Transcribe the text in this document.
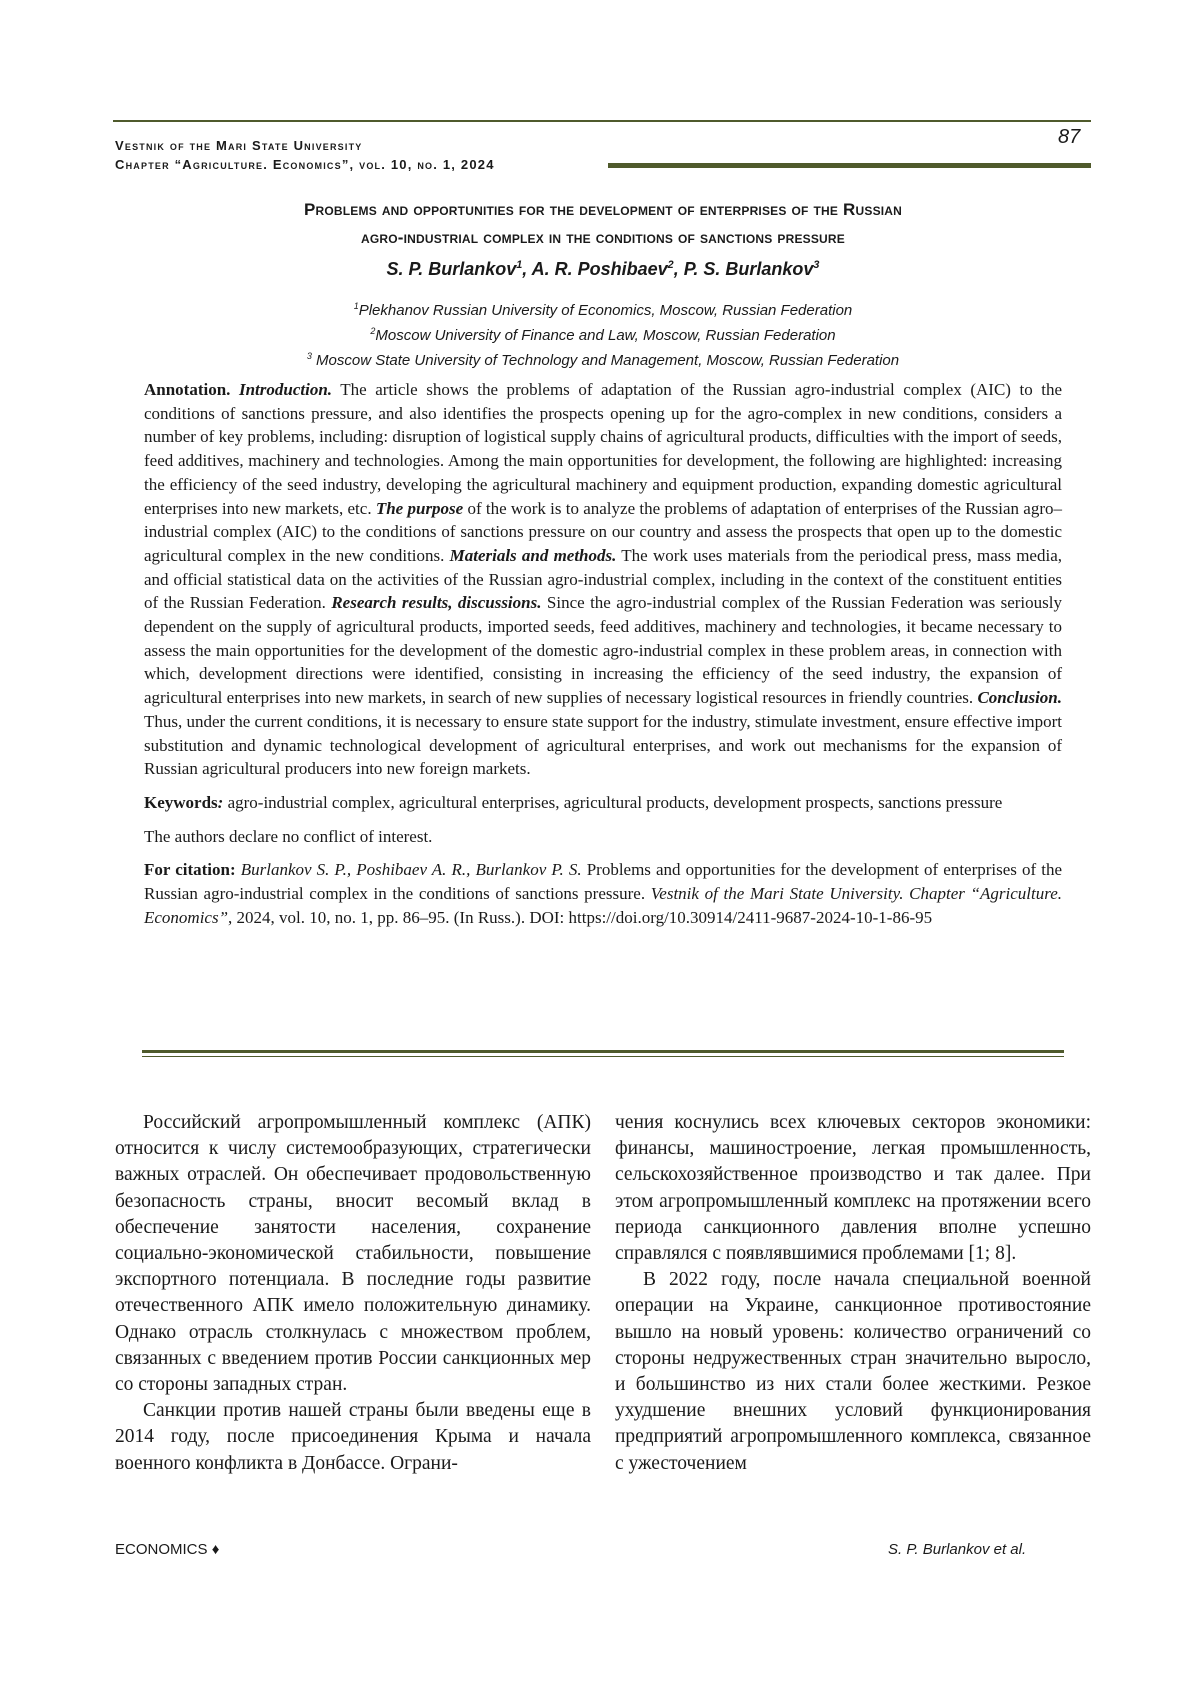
Vestnik of the Mari State University
Chapter “Agriculture. Economics”, vol. 10, no. 1, 2024
87
Problems and opportunities for the development of enterprises of the Russian
agro-industrial complex in the conditions of sanctions pressure
S. P. Burlankov$^1$, A. R. Poshibaev$^2$, P. S. Burlankov$^3$
$^1$Plekhanov Russian University of Economics, Moscow, Russian Federation
$^2$Moscow University of Finance and Law, Moscow, Russian Federation
$^3$ Moscow State University of Technology and Management, Moscow, Russian Federation

Annotation. Introduction. The article shows the problems of adaptation of the Russian agro-industrial complex (AIC) to the conditions of sanctions pressure, and also identifies the prospects opening up for the agro-complex in new conditions, considers a number of key problems, including: disruption of logistical supply chains of agricultural products, difficulties with the import of seeds, feed additives, machinery and technologies. Among the main opportunities for development, the following are highlighted: increasing the efficiency of the seed industry, developing the agricultural machinery and equipment production, expanding domestic agricultural enterprises into new markets, etc. The purpose of the work is to analyze the problems of adaptation of enterprises of the Russian agro–industrial complex (AIC) to the conditions of sanctions pressure on our country and assess the prospects that open up to the domestic agricultural complex in the new conditions. Materials and methods. The work uses materials from the periodical press, mass media, and official statistical data on the activities of the Russian agro-industrial complex, including in the context of the constituent entities of the Russian Federation. Research results, discussions. Since the agro-industrial complex of the Russian Federation was seriously dependent on the supply of agricultural products, imported seeds, feed additives, machinery and technologies, it became necessary to assess the main opportunities for the development of the domestic agro-industrial complex in these problem areas, in connection with which, development directions were identified, consisting in increasing the efficiency of the seed industry, the expansion of agricultural enterprises into new markets, in search of new supplies of necessary logistical resources in friendly countries. Conclusion. Thus, under the current conditions, it is necessary to ensure state support for the industry, stimulate investment, ensure effective import substitution and dynamic technological development of agricultural enterprises, and work out mechanisms for the expansion of Russian agricultural producers into new foreign markets.

Keywords: agro-industrial complex, agricultural enterprises, agricultural products, development prospects, sanctions pressure

The authors declare no conflict of interest.

For citation: Burlankov S. P., Poshibaev A. R., Burlankov P. S. Problems and opportunities for the development of enterprises of the Russian agro-industrial complex in the conditions of sanctions pressure. Vestnik of the Mari State University. Chapter “Agriculture. Economics”, 2024, vol. 10, no. 1, pp. 86–95. (In Russ.). DOI: https://doi.org/10.30914/2411-9687-2024-10-1-86-95

Российский агропромышленный комплекс (АПК) относится к числу системообразующих, стратегически важных отраслей. Он обеспечивает продовольственную безопасность страны, вносит весомый вклад в обеспечение занятости населения, сохранение социально-экономической стабильности, повышение экспортного потенциала. В последние годы развитие отечественного АПК имело положительную динамику. Однако отрасль столкнулась с множеством проблем, связанных с введением против России санкционных мер со стороны западных стран.

Санкции против нашей страны были введены еще в 2014 году, после присоединения Крыма и начала военного конфликта в Донбассе. Ограни-

чения коснулись всех ключевых секторов экономики: финансы, машиностроение, легкая промышленность, сельскохозяйственное производство и так далее. При этом агропромышленный комплекс на протяжении всего периода санкционного давления вполне успешно справлялся с появлявшимися проблемами [1; 8].

В 2022 году, после начала специальной военной операции на Украине, санкционное противостояние вышло на новый уровень: количество ограничений со стороны недружественных стран значительно выросло, и большинство из них стали более жесткими. Резкое ухудшение внешних условий функционирования предприятий агропромышленного комплекса, связанное с ужесточением

ECONOMICS ♦	S. P. Burlankov et al.
